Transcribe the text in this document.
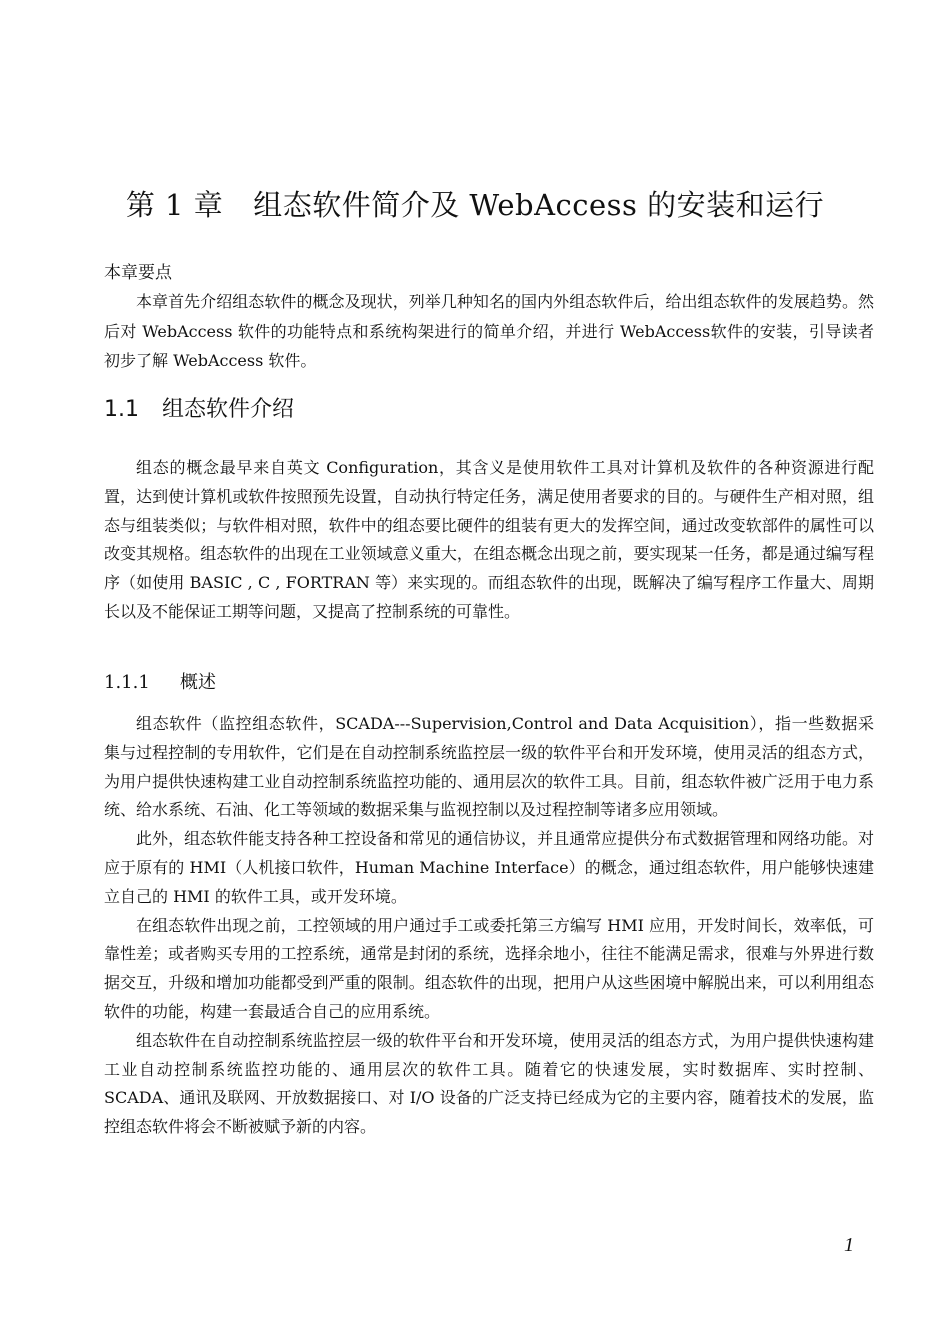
第 1 章 组态软件简介及 WebAccess 的安装和运行
本章要点

本章首先介绍组态软件的概念及现状，列举几种知名的国内外组态软件后，给出组态软件的发展趋势。然后对 WebAccess 软件的功能特点和系统构架进行的简单介绍，并进行 WebAccess软件的安装，引导读者初步了解 WebAccess 软件。

1.1 组态软件介绍

组态的概念最早来自英文 Configuration，其含义是使用软件工具对计算机及软件的各种资源进行配置，达到使计算机或软件按照预先设置，自动执行特定任务，满足使用者要求的目的。与硬件生产相对照，组态与组装类似；与软件相对照，软件中的组态要比硬件的组装有更大的发挥空间，通过改变软部件的属性可以改变其规格。组态软件的出现在工业领域意义重大，在组态概念出现之前，要实现某一任务，都是通过编写程序（如使用 BASIC , C , FORTRAN 等）来实现的。而组态软件的出现，既解决了编写程序工作量大、周期长以及不能保证工期等问题，又提高了控制系统的可靠性。

1.1.1 概述

组态软件（监控组态软件，SCADA---Supervision,Control and Data Acquisition），指一些数据采集与过程控制的专用软件，它们是在自动控制系统监控层一级的软件平台和开发环境，使用灵活的组态方式，为用户提供快速构建工业自动控制系统监控功能的、通用层次的软件工具。目前，组态软件被广泛用于电力系统、给水系统、石油、化工等领域的数据采集与监视控制以及过程控制等诸多应用领域。

此外，组态软件能支持各种工控设备和常见的通信协议，并且通常应提供分布式数据管理和网络功能。对应于原有的 HMI（人机接口软件，Human Machine Interface）的概念，通过组态软件，用户能够快速建立自己的 HMI 的软件工具，或开发环境。

在组态软件出现之前，工控领域的用户通过手工或委托第三方编写 HMI 应用，开发时间长，效率低，可靠性差；或者购买专用的工控系统，通常是封闭的系统，选择余地小，往往不能满足需求，很难与外界进行数据交互，升级和增加功能都受到严重的限制。组态软件的出现，把用户从这些困境中解脱出来，可以利用组态软件的功能，构建一套最适合自己的应用系统。

组态软件在自动控制系统监控层一级的软件平台和开发环境，使用灵活的组态方式，为用户提供快速构建工业自动控制系统监控功能的、通用层次的软件工具。随着它的快速发展，实时数据库、实时控制、SCADA、通讯及联网、开放数据接口、对 I/O 设备的广泛支持已经成为它的主要内容，随着技术的发展，监控组态软件将会不断被赋予新的内容。

1
